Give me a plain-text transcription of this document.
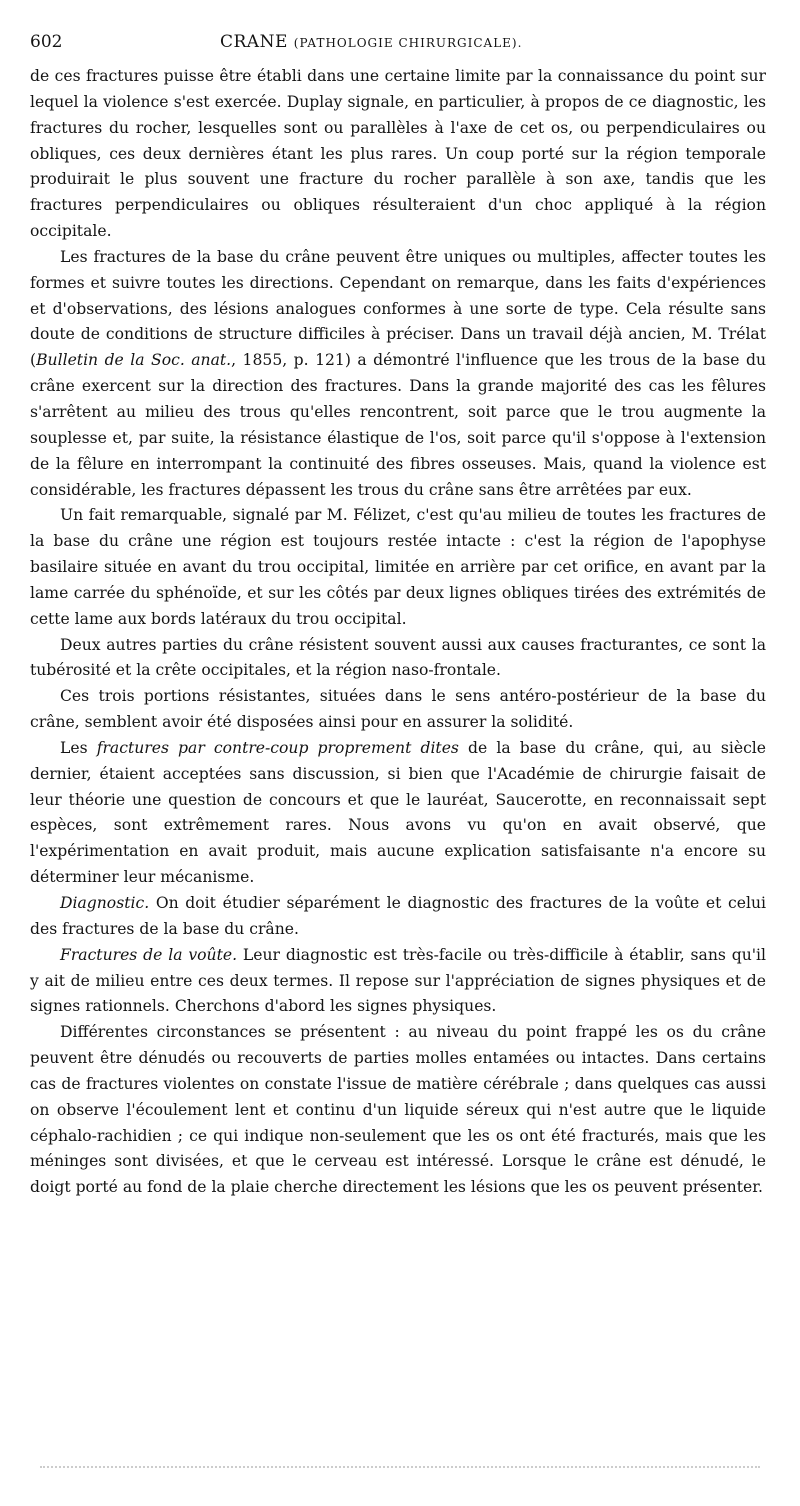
602	CRANE (PATHOLOGIE CHIRURGICALE).

de ces fractures puisse être établi dans une certaine limite par la connaissance du point sur lequel la violence s'est exercée. Duplay signale, en particulier, à propos de ce diagnostic, les fractures du rocher, lesquelles sont ou parallèles à l'axe de cet os, ou perpendiculaires ou obliques, ces deux dernières étant les plus rares. Un coup porté sur la région temporale produirait le plus souvent une fracture du rocher parallèle à son axe, tandis que les fractures perpendiculaires ou obliques résulteraient d'un choc appliqué à la région occipitale.

Les fractures de la base du crâne peuvent être uniques ou multiples, affecter toutes les formes et suivre toutes les directions. Cependant on remarque, dans les faits d'expériences et d'observations, des lésions analogues conformes à une sorte de type. Cela résulte sans doute de conditions de structure difficiles à préciser. Dans un travail déjà ancien, M. Trélat (Bulletin de la Soc. anat., 1855, p. 121) a démontré l'influence que les trous de la base du crâne exercent sur la direction des fractures. Dans la grande majorité des cas les fêlures s'arrêtent au milieu des trous qu'elles rencontrent, soit parce que le trou augmente la souplesse et, par suite, la résistance élastique de l'os, soit parce qu'il s'oppose à l'extension de la fêlure en interrompant la continuité des fibres osseuses. Mais, quand la violence est considérable, les fractures dépassent les trous du crâne sans être arrêtées par eux.

Un fait remarquable, signalé par M. Félizet, c'est qu'au milieu de toutes les fractures de la base du crâne une région est toujours restée intacte : c'est la région de l'apophyse basilaire située en avant du trou occipital, limitée en arrière par cet orifice, en avant par la lame carrée du sphénoïde, et sur les côtés par deux lignes obliques tirées des extrémités de cette lame aux bords latéraux du trou occipital.

Deux autres parties du crâne résistent souvent aussi aux causes fracturantes, ce sont la tubérosité et la crête occipitales, et la région naso-frontale.

Ces trois portions résistantes, situées dans le sens antéro-postérieur de la base du crâne, semblent avoir été disposées ainsi pour en assurer la solidité.

Les fractures par contre-coup proprement dites de la base du crâne, qui, au siècle dernier, étaient acceptées sans discussion, si bien que l'Académie de chirurgie faisait de leur théorie une question de concours et que le lauréat, Saucerotte, en reconnaissait sept espèces, sont extrêmement rares. Nous avons vu qu'on en avait observé, que l'expérimentation en avait produit, mais aucune explication satisfaisante n'a encore su déterminer leur mécanisme.

Diagnostic. On doit étudier séparément le diagnostic des fractures de la voûte et celui des fractures de la base du crâne.

Fractures de la voûte. Leur diagnostic est très-facile ou très-difficile à établir, sans qu'il y ait de milieu entre ces deux termes. Il repose sur l'appréciation de signes physiques et de signes rationnels. Cherchons d'abord les signes physiques.

Différentes circonstances se présentent : au niveau du point frappé les os du crâne peuvent être dénudés ou recouverts de parties molles entamées ou intactes. Dans certains cas de fractures violentes on constate l'issue de matière cérébrale ; dans quelques cas aussi on observe l'écoulement lent et continu d'un liquide séreux qui n'est autre que le liquide céphalo-rachidien ; ce qui indique non-seulement que les os ont été fracturés, mais que les méninges sont divisées, et que le cerveau est intéressé. Lorsque le crâne est dénudé, le doigt porté au fond de la plaie cherche directement les lésions que les os peuvent présenter.
